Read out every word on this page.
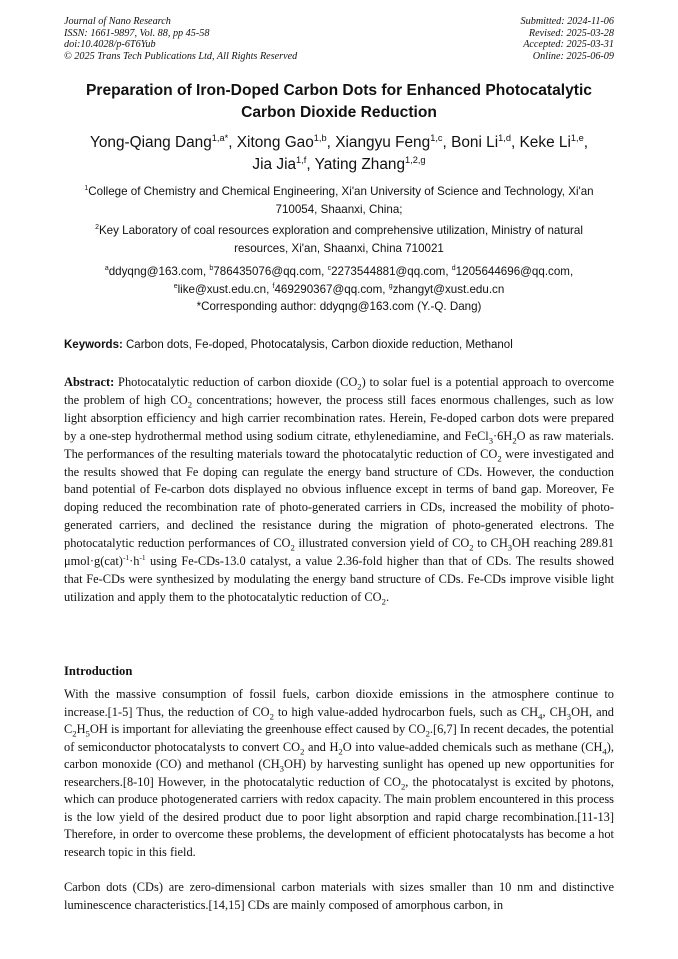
Journal of Nano Research
ISSN: 1661-9897, Vol. 88, pp 45-58
doi:10.4028/p-6T6Yub
© 2025 Trans Tech Publications Ltd, All Rights Reserved
Submitted: 2024-11-06
Revised: 2025-03-28
Accepted: 2025-03-31
Online: 2025-06-09
Preparation of Iron-Doped Carbon Dots for Enhanced Photocatalytic Carbon Dioxide Reduction
Yong-Qiang Dang$^{1,a*}$, Xitong Gao$^{1,b}$, Xiangyu Feng$^{1,c}$, Boni Li$^{1,d}$, Keke Li$^{1,e}$,
Jia Jia$^{1,f}$, Yating Zhang$^{1,2,g}$
$^1$College of Chemistry and Chemical Engineering, Xi'an University of Science and Technology, Xi'an 710054, Shaanxi, China;
$^2$Key Laboratory of coal resources exploration and comprehensive utilization, Ministry of natural resources, Xi'an, Shaanxi, China 710021
$^a$ddyqng@163.com, $^b$786435076@qq.com, $^c$2273544881@qq.com, $^d$1205644696@qq.com,
$^e$like@xust.edu.cn, $^f$469290367@qq.com, $^g$zhangyt@xust.edu.cn
*Corresponding author: ddyqng@163.com (Y.-Q. Dang)
Keywords: Carbon dots, Fe-doped, Photocatalysis, Carbon dioxide reduction, Methanol
Abstract: Photocatalytic reduction of carbon dioxide $(CO_2)$ to solar fuel is a potential approach to overcome the problem of high $CO_2$ concentrations; however, the process still faces enormous challenges, such as low light absorption efficiency and high carrier recombination rates. Herein, Fe-doped carbon dots were prepared by a one-step hydrothermal method using sodium citrate, ethylenediamine, and $FeCl_3\cdot 6H_2O$ as raw materials. The performances of the resulting materials toward the photocatalytic reduction of $CO_2$ were investigated and the results showed that Fe doping can regulate the energy band structure of CDs. However, the conduction band potential of Fe-carbon dots displayed no obvious influence except in terms of band gap. Moreover, Fe doping reduced the recombination rate of photo-generated carriers in CDs, increased the mobility of photo-generated carriers, and declined the resistance during the migration of photo-generated electrons. The photocatalytic reduction performances of $CO_2$ illustrated conversion yield of $CO_2$ to $CH_3OH$ reaching 289.81 $\mu mol\cdot g(cat)^{-1}\cdot h^{-1}$ using Fe-CDs-13.0 catalyst, a value 2.36-fold higher than that of CDs. The results showed that Fe-CDs were synthesized by modulating the energy band structure of CDs. Fe-CDs improve visible light utilization and apply them to the photocatalytic reduction of $CO_2$.
Introduction

With the massive consumption of fossil fuels, carbon dioxide emissions in the atmosphere continue to increase.[1-5] Thus, the reduction of $CO_2$ to high value-added hydrocarbon fuels, such as $CH_4$, $CH_3OH$, and $C_2H_5OH$ is important for alleviating the greenhouse effect caused by $CO_2.[6,7]$ In recent decades, the potential of semiconductor photocatalysts to convert $CO_2$ and $H_2O$ into value-added chemicals such as methane $(CH_4)$, carbon monoxide (CO) and methanol $(CH_3OH)$ by harvesting sunlight has opened up new opportunities for researchers.[8-10] However, in the photocatalytic reduction of $CO_2$, the photocatalyst is excited by photons, which can produce photogenerated carriers with redox capacity. The main problem encountered in this process is the low yield of the desired product due to poor light absorption and rapid charge recombination.[11-13] Therefore, in order to overcome these problems, the development of efficient photocatalysts has become a hot research topic in this field.

Carbon dots (CDs) are zero-dimensional carbon materials with sizes smaller than 10 nm and distinctive luminescence characteristics.[14,15] CDs are mainly composed of amorphous carbon, in
